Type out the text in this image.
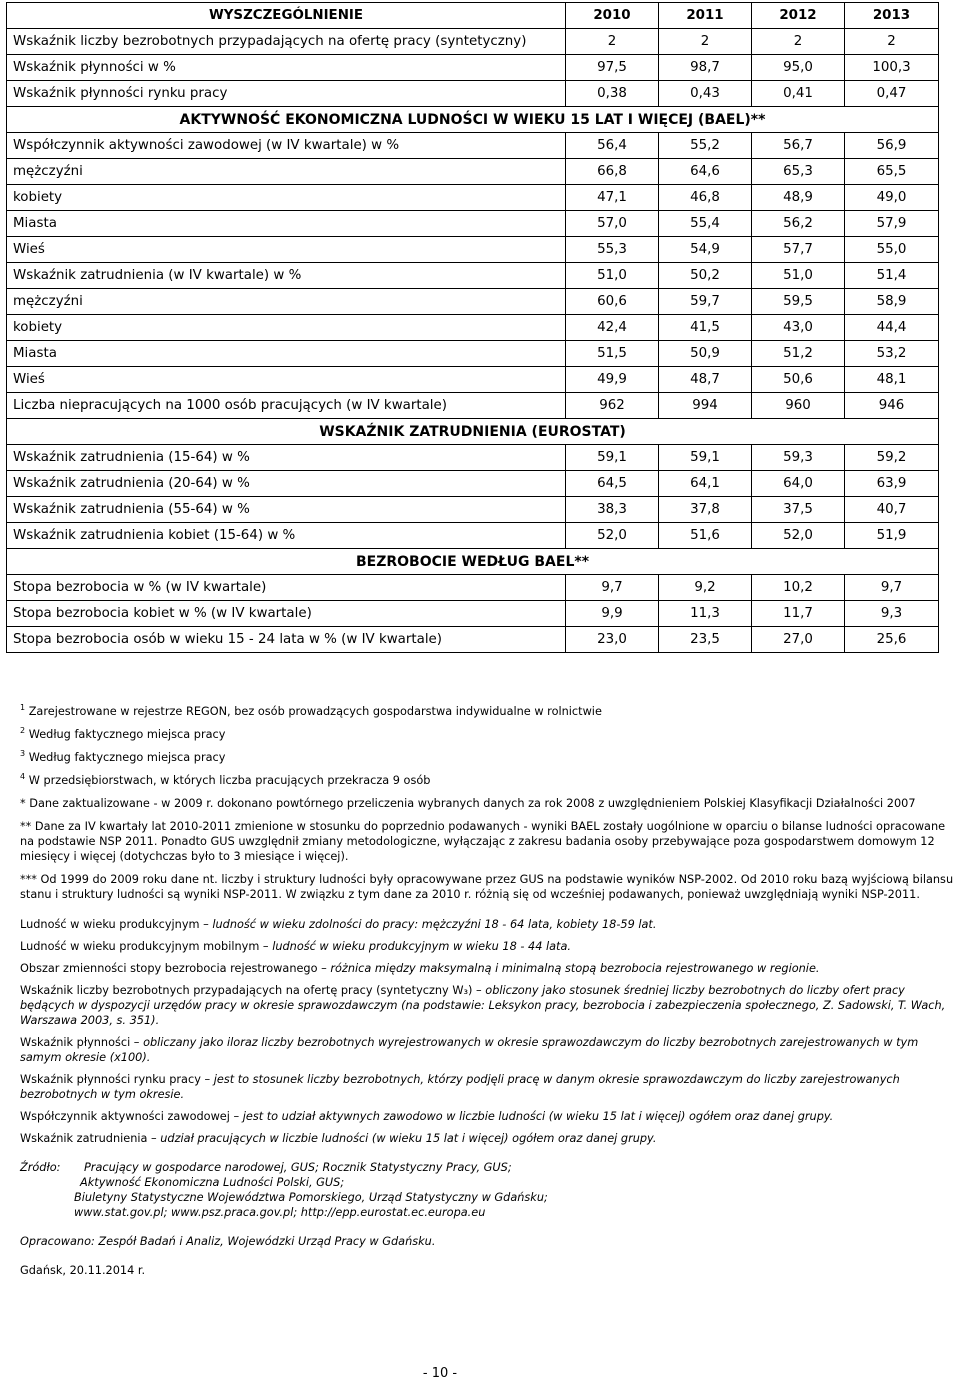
WYSZCZEGÓLNIENIE	2010	2011	2012	2013
Wskaźnik liczby bezrobotnych przypadających na ofertę pracy (syntetyczny)	2	2	2	2
Wskaźnik płynności w %	97,5	98,7	95,0	100,3
Wskaźnik płynności rynku pracy	0,38	0,43	0,41	0,47
AKTYWNOŚĆ EKONOMICZNA LUDNOŚCI W WIEKU 15 LAT I WIĘCEJ (BAEL)**				
Współczynnik aktywności zawodowej (w IV kwartale) w %	56,4	55,2	56,7	56,9
mężczyźni	66,8	64,6	65,3	65,5
kobiety	47,1	46,8	48,9	49,0
Miasta	57,0	55,4	56,2	57,9
Wieś	55,3	54,9	57,7	55,0
Wskaźnik zatrudnienia (w IV kwartale) w %	51,0	50,2	51,0	51,4
mężczyźni	60,6	59,7	59,5	58,9
kobiety	42,4	41,5	43,0	44,4
Miasta	51,5	50,9	51,2	53,2
Wieś	49,9	48,7	50,6	48,1
Liczba niepracujących na 1000 osób pracujących (w IV kwartale)	962	994	960	946
WSKAŹNIK ZATRUDNIENIA (EUROSTAT)				
Wskaźnik zatrudnienia (15-64) w %	59,1	59,1	59,3	59,2
Wskaźnik zatrudnienia (20-64) w %	64,5	64,1	64,0	63,9
Wskaźnik zatrudnienia (55-64) w %	38,3	37,8	37,5	40,7
Wskaźnik zatrudnienia kobiet (15-64) w %	52,0	51,6	52,0	51,9
BEZROBOCIE WEDŁUG BAEL**				
Stopa bezrobocia w % (w IV kwartale)	9,7	9,2	10,2	9,7
Stopa bezrobocia kobiet w % (w IV kwartale)	9,9	11,3	11,7	9,3
Stopa bezrobocia osób w wieku 15 - 24 lata w % (w IV kwartale)	23,0	23,5	27,0	25,6

$^1$ Zarejestrowane w rejestrze REGON, bez osób prowadzących gospodarstwa indywidualne w rolnictwie

$^2$ Według faktycznego miejsca pracy

$^3$ Według faktycznego miejsca pracy

$^4$ W przedsiębiorstwach, w których liczba pracujących przekracza 9 osób

* Dane zaktualizowane - w 2009 r. dokonano powtórnego przeliczenia wybranych danych za rok 2008 z uwzględnieniem Polskiej Klasyfikacji Działalności 2007

** Dane za IV kwartały lat 2010-2011 zmienione w stosunku do poprzednio podawanych - wyniki BAEL zostały uogólnione w oparciu o bilanse ludności opracowane na podstawie NSP 2011. Ponadto GUS uwzględnił zmiany metodologiczne, wyłączając z zakresu badania osoby przebywające poza gospodarstwem domowym 12 miesięcy i więcej (dotychczas było to 3 miesiące i więcej).

*** Od 1999 do 2009 roku dane nt. liczby i struktury ludności były opracowywane przez GUS na podstawie wyników NSP-2002. Od 2010 roku bazą wyjściową bilansu stanu i struktury ludności są wyniki NSP-2011. W związku z tym dane za 2010 r. różnią się od wcześniej podawanych, ponieważ uwzględniają wyniki NSP-2011.

Ludność w wieku produkcyjnym – ludność w wieku zdolności do pracy: mężczyźni 18 - 64 lata, kobiety 18-59 lat.

Ludność w wieku produkcyjnym mobilnym – ludność w wieku produkcyjnym w wieku 18 - 44 lata.

Obszar zmienności stopy bezrobocia rejestrowanego – różnica między maksymalną i minimalną stopą bezrobocia rejestrowanego w regionie.

Wskaźnik liczby bezrobotnych przypadających na ofertę pracy (syntetyczny W₃) – obliczony jako stosunek średniej liczby bezrobotnych do liczby ofert pracy będących w dyspozycji urzędów pracy w okresie sprawozdawczym (na podstawie: Leksykon pracy, bezrobocia i zabezpieczenia społecznego, Z. Sadowski, T. Wach, Warszawa 2003, s. 351).

Wskaźnik płynności – obliczany jako iloraz liczby bezrobotnych wyrejestrowanych w okresie sprawozdawczym do liczby bezrobotnych zarejestrowanych w tym samym okresie (x100).

Wskaźnik płynności rynku pracy – jest to stosunek liczby bezrobotnych, którzy podjęli pracę w danym okresie sprawozdawczym do liczby zarejestrowanych bezrobotnych w tym okresie.

Współczynnik aktywności zawodowej – jest to udział aktywnych zawodowo w liczbie ludności (w wieku 15 lat i więcej) ogółem oraz danej grupy.

Wskaźnik zatrudnienia – udział pracujących w liczbie ludności (w wieku 15 lat i więcej) ogółem oraz danej grupy.

Źródło:	Pracujący w gospodarce narodowej, GUS; Rocznik Statystyczny Pracy, GUS;
Aktywność Ekonomiczna Ludności Polski, GUS;
Biuletyny Statystyczne Województwa Pomorskiego, Urząd Statystyczny w Gdańsku;
www.stat.gov.pl; www.psz.praca.gov.pl; http://epp.eurostat.ec.europa.eu

Opracowano: Zespół Badań i Analiz, Wojewódzki Urząd Pracy w Gdańsku.

Gdańsk, 20.11.2014 r.

- 10 -
